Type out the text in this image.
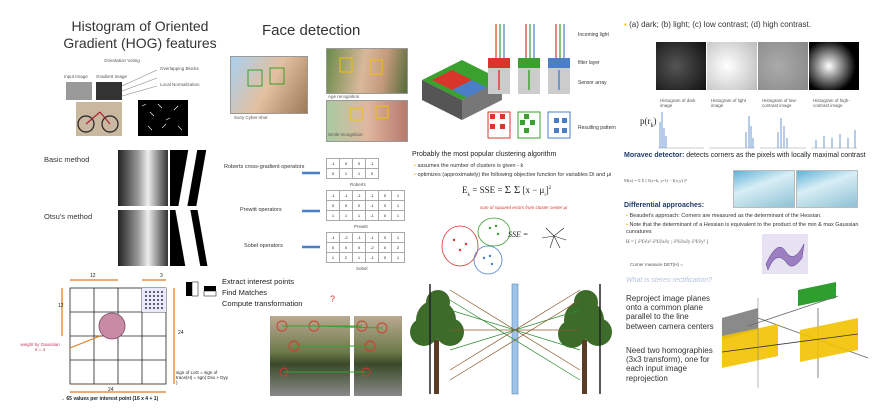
Histogram of Oriented
Gradient (HOG) features
Orientation Voting
Overlapping Blocks
Input Image Gradient Image
Local Normalization
Face detection
Sony Cyber-shot
Age recognition
Smile recognition
Incoming light
filter layer
Sensor array
Resulting pattern
▪ (a) dark; (b) light; (c) low contrast; (d) high contrast.
Histogram of dark image
Histogram of light image
Histogram of low-contrast image
Histogram of high-contrast image
$p(r_k)$
Basic method
Otsu's method
Roberts cross-gradient operators
Prewitt operators
Sobel operators
-1	0	0	-1
0	1	1	0
Roberts
-1	-1	-1	-1	0	1
0	0	0	-1	0	1
1	1	1	-1	0	1
Prewitt
-1	-2	-1	-1	0	1
0	0	0	-2	0	2
1	2	1	-1	0	1
Sobel
Probably the most popular clustering algorithm
▪ assumes the number of clusters is given - k
▪ optimizes (approximately) the following objective function for variables Di and μi
$E_k$ = SSE = Σ Σ $[x - \mu_i]^2$
sum of squared errors from cluster center μi
SSE =
Moravec detector: detects corners as the pixels with locally maximal contrast
M(x) = Σ Σ [ I(x+k, y+l) − I(x,y) ]²
Differential approaches:
▪ Beaudet's approach: Corners are measured as the determinant of the Hessian.
▪ Note that the determinant of a Hessian is equivalent to the product of the min & max Gaussian curvatures
H = [ ∂²f/∂x² ∂²f/∂x∂y ; ∂²f/∂x∂y ∂²f/∂y² ]
Corner measure DET(H) =
What is stereo rectification?
Reproject image planes onto a common plane parallel to the line between camera centers
Need two homographies (3x3 transform), one for each input image reprojection
12	3
12
24
24
weight by Gaussian
σ = 4
→ 65 values per interest point (16 x 4 + 1)
sign of LoG = sign of trace(H) = sgn( Dxx + Dyy )
Extract interest points
Find Matches
Compute transformation	?
